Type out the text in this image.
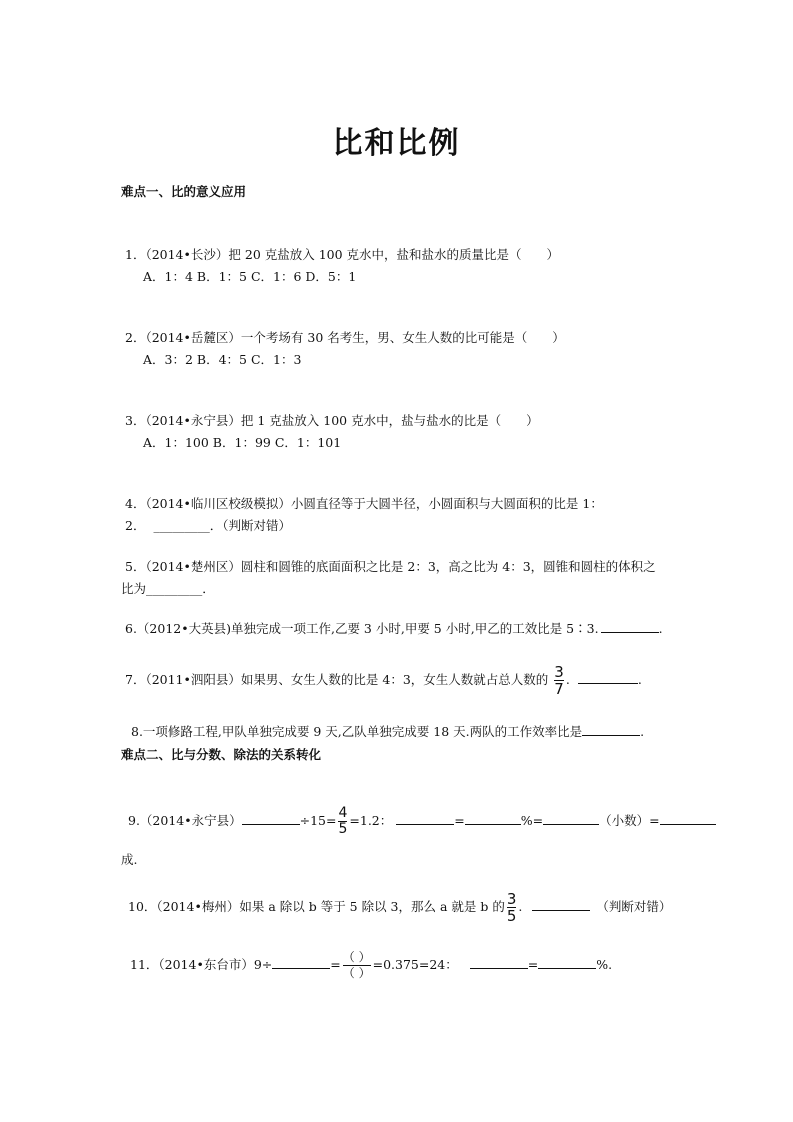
比和比例
难点一、比的意义应用
1．（2014•长沙）把 20 克盐放入 100 克水中，盐和盐水的质量比是（　　）
A．1：4 B．1：5 C．1：6 D．5：1
2．（2014•岳麓区）一个考场有 30 名考生，男、女生人数的比可能是（　　）
A．3：2 B．4：5 C．1：3
3．（2014•永宁县）把 1 克盐放入 100 克水中，盐与盐水的比是（　　）
A．1：100 B．1：99 C．1：101
4．（2014•临川区校级模拟）小圆直径等于大圆半径，小圆面积与大圆面积的比是 1：
2． _________．（判断对错）
5．（2014•楚州区）圆柱和圆锥的底面面积之比是 2：3，高之比为 4：3，圆锥和圆柱的体积之
比为_________．
6.（2012•大英县)单独完成一项工作,乙要 3 小时,甲要 5 小时,甲乙的工效比是 5∶3.	.
7．（2011•泗阳县）如果男、女生人数的比是 4：3，女生人数就占总人数的 $\frac{3}{7}$ .	.
8.一项修路工程,甲队单独完成要 9 天,乙队单独完成要 18 天.两队的工作效率比是	.
难点二、比与分数、除法的关系转化
9.（2014•永宁县）	$\div 15= \frac{4}{5} =1.2$：	=	%=	（小数）=
成.
10．（2014•梅州）如果 a 除以 b 等于 5 除以 3，那么 a 就是 b 的 $\frac{3}{5}$ .	（判断对错）
11．（2014•东台市）9÷	= $\frac{( )}{( )} =0.375=24$：	=	%.
